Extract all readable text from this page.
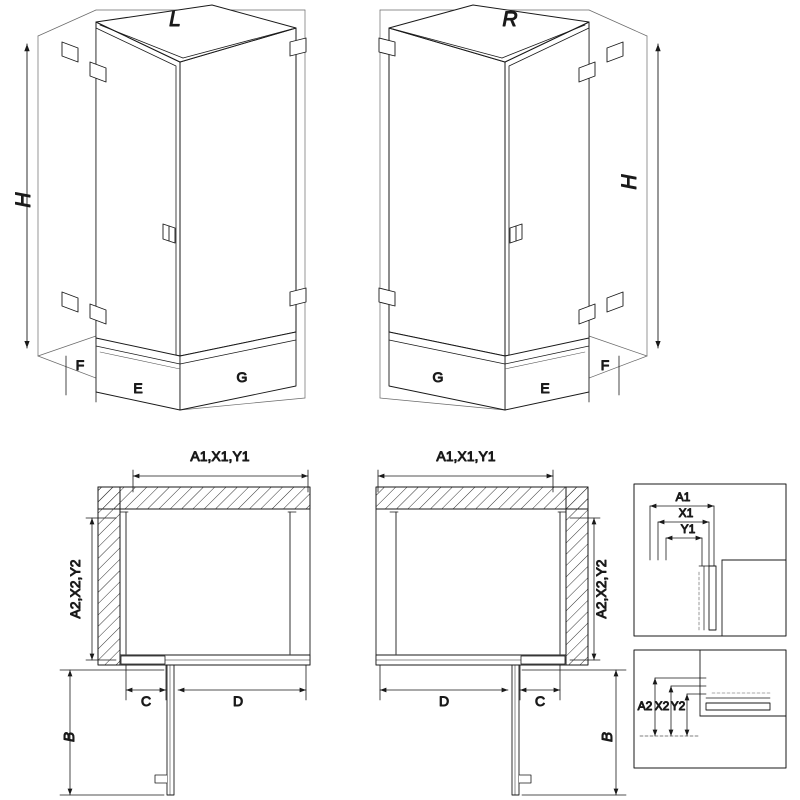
L
H
F
E
G
R
H
G
E
F
A1,X1,Y1
A2,X2,Y2
C	D
B
A1,X1,Y1
A2,X2,Y2
D	C
B
A1
X1
Y1
A2 X2 Y2
